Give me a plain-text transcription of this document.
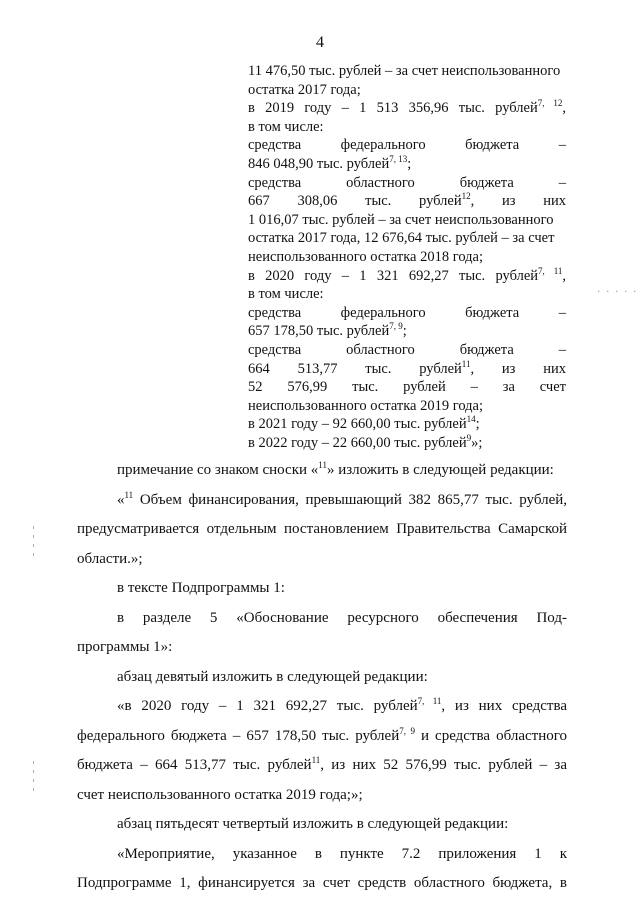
4
. . . . .
11 476,50 тыс. рублей – за счет неиспользованного
остатка 2017 года;
в 2019 году – 1 513 356,96 тыс. рублей$^{7, 12}$,
в том числе:
средства федерального бюджета –
846 048,90 тыс. рублей$^{7, 13}$;
средства областного бюджета –
667 308,06 тыс. рублей$^{12}$, из них
1 016,07 тыс. рублей – за счет неиспользованного
остатка 2017 года, 12 676,64 тыс. рублей – за счет
неиспользованного остатка 2018 года;
в 2020 году – 1 321 692,27 тыс. рублей$^{7, 11}$,
в том числе:
средства федерального бюджета –
657 178,50 тыс. рублей$^{7, 9}$;
средства областного бюджета –
664 513,77 тыс. рублей$^{11}$, из них
52 576,99 тыс. рублей – за счет
неиспользованного остатка 2019 года;
в 2021 году – 92 660,00 тыс. рублей$^{14}$;
в 2022 году – 22 660,00 тыс. рублей$^9$»;
примечание со знаком сноски «$^{11}$» изложить в следующей редакции:
«$^{11}$ Объем финансирования, превышающий 382 865,77 тыс. рублей,
предусматривается отдельным постановлением Правительства Самарской
области.»;
в тексте Подпрограммы 1:
в разделе 5 «Обоснование ресурсного обеспечения Под-
программы 1»:
абзац девятый изложить в следующей редакции:
«в 2020 году – 1 321 692,27 тыс. рублей$^{7, 11}$, из них средства
федерального бюджета – 657 178,50 тыс. рублей$^{7, 9}$ и средства областного
бюджета – 664 513,77 тыс. рублей$^{11}$, из них 52 576,99 тыс. рублей – за
счет неиспользованного остатка 2019 года;»;
абзац пятьдесят четвертый изложить в следующей редакции:
«Мероприятие, указанное в пункте 7.2 приложения 1 к
Подпрограмме 1, финансируется за счет средств областного бюджета, в
